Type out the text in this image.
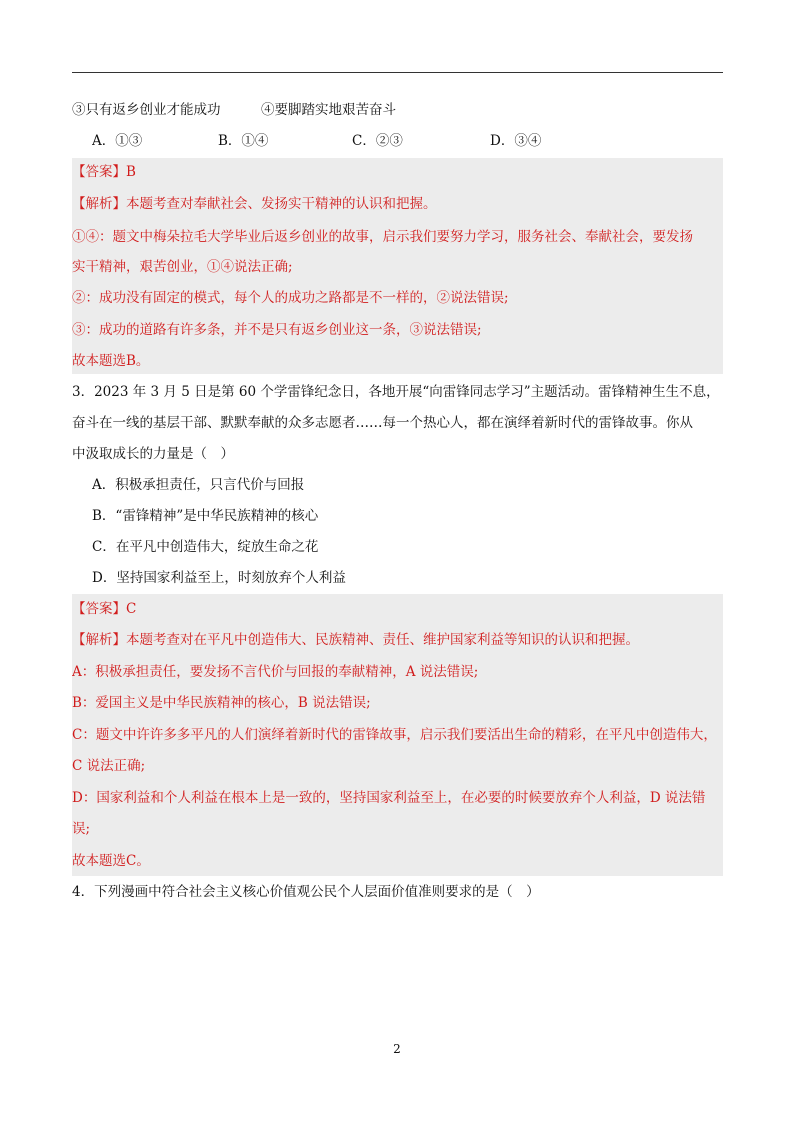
③只有返乡创业才能成功　　　④要脚踏实地艰苦奋斗
A．①③	B．①④	C．②③	D．③④
【答案】B
【解析】本题考查对奉献社会、发扬实干精神的认识和把握。
①④：题文中梅朵拉毛大学毕业后返乡创业的故事，启示我们要努力学习，服务社会、奉献社会，要发扬
实干精神，艰苦创业，①④说法正确;
②：成功没有固定的模式，每个人的成功之路都是不一样的，②说法错误;
③：成功的道路有许多条，并不是只有返乡创业这一条，③说法错误;
故本题选B。
3．2023 年 3 月 5 日是第 60 个学雷锋纪念日，各地开展“向雷锋同志学习”主题活动。雷锋精神生生不息，
奋斗在一线的基层干部、默默奉献的众多志愿者……每一个热心人，都在演绎着新时代的雷锋故事。你从
中汲取成长的力量是（　）
A．积极承担责任，只言代价与回报
B．“雷锋精神”是中华民族精神的核心
C．在平凡中创造伟大，绽放生命之花
D．坚持国家利益至上，时刻放弃个人利益
【答案】C
【解析】本题考查对在平凡中创造伟大、民族精神、责任、维护国家利益等知识的认识和把握。
A：积极承担责任，要发扬不言代价与回报的奉献精神，A 说法错误;
B：爱国主义是中华民族精神的核心，B 说法错误;
C：题文中许许多多平凡的人们演绎着新时代的雷锋故事，启示我们要活出生命的精彩，在平凡中创造伟大，
C 说法正确;
D：国家利益和个人利益在根本上是一致的，坚持国家利益至上，在必要的时候要放弃个人利益，D 说法错
误;
故本题选C。
4．下列漫画中符合社会主义核心价值观公民个人层面价值准则要求的是（　）
2
